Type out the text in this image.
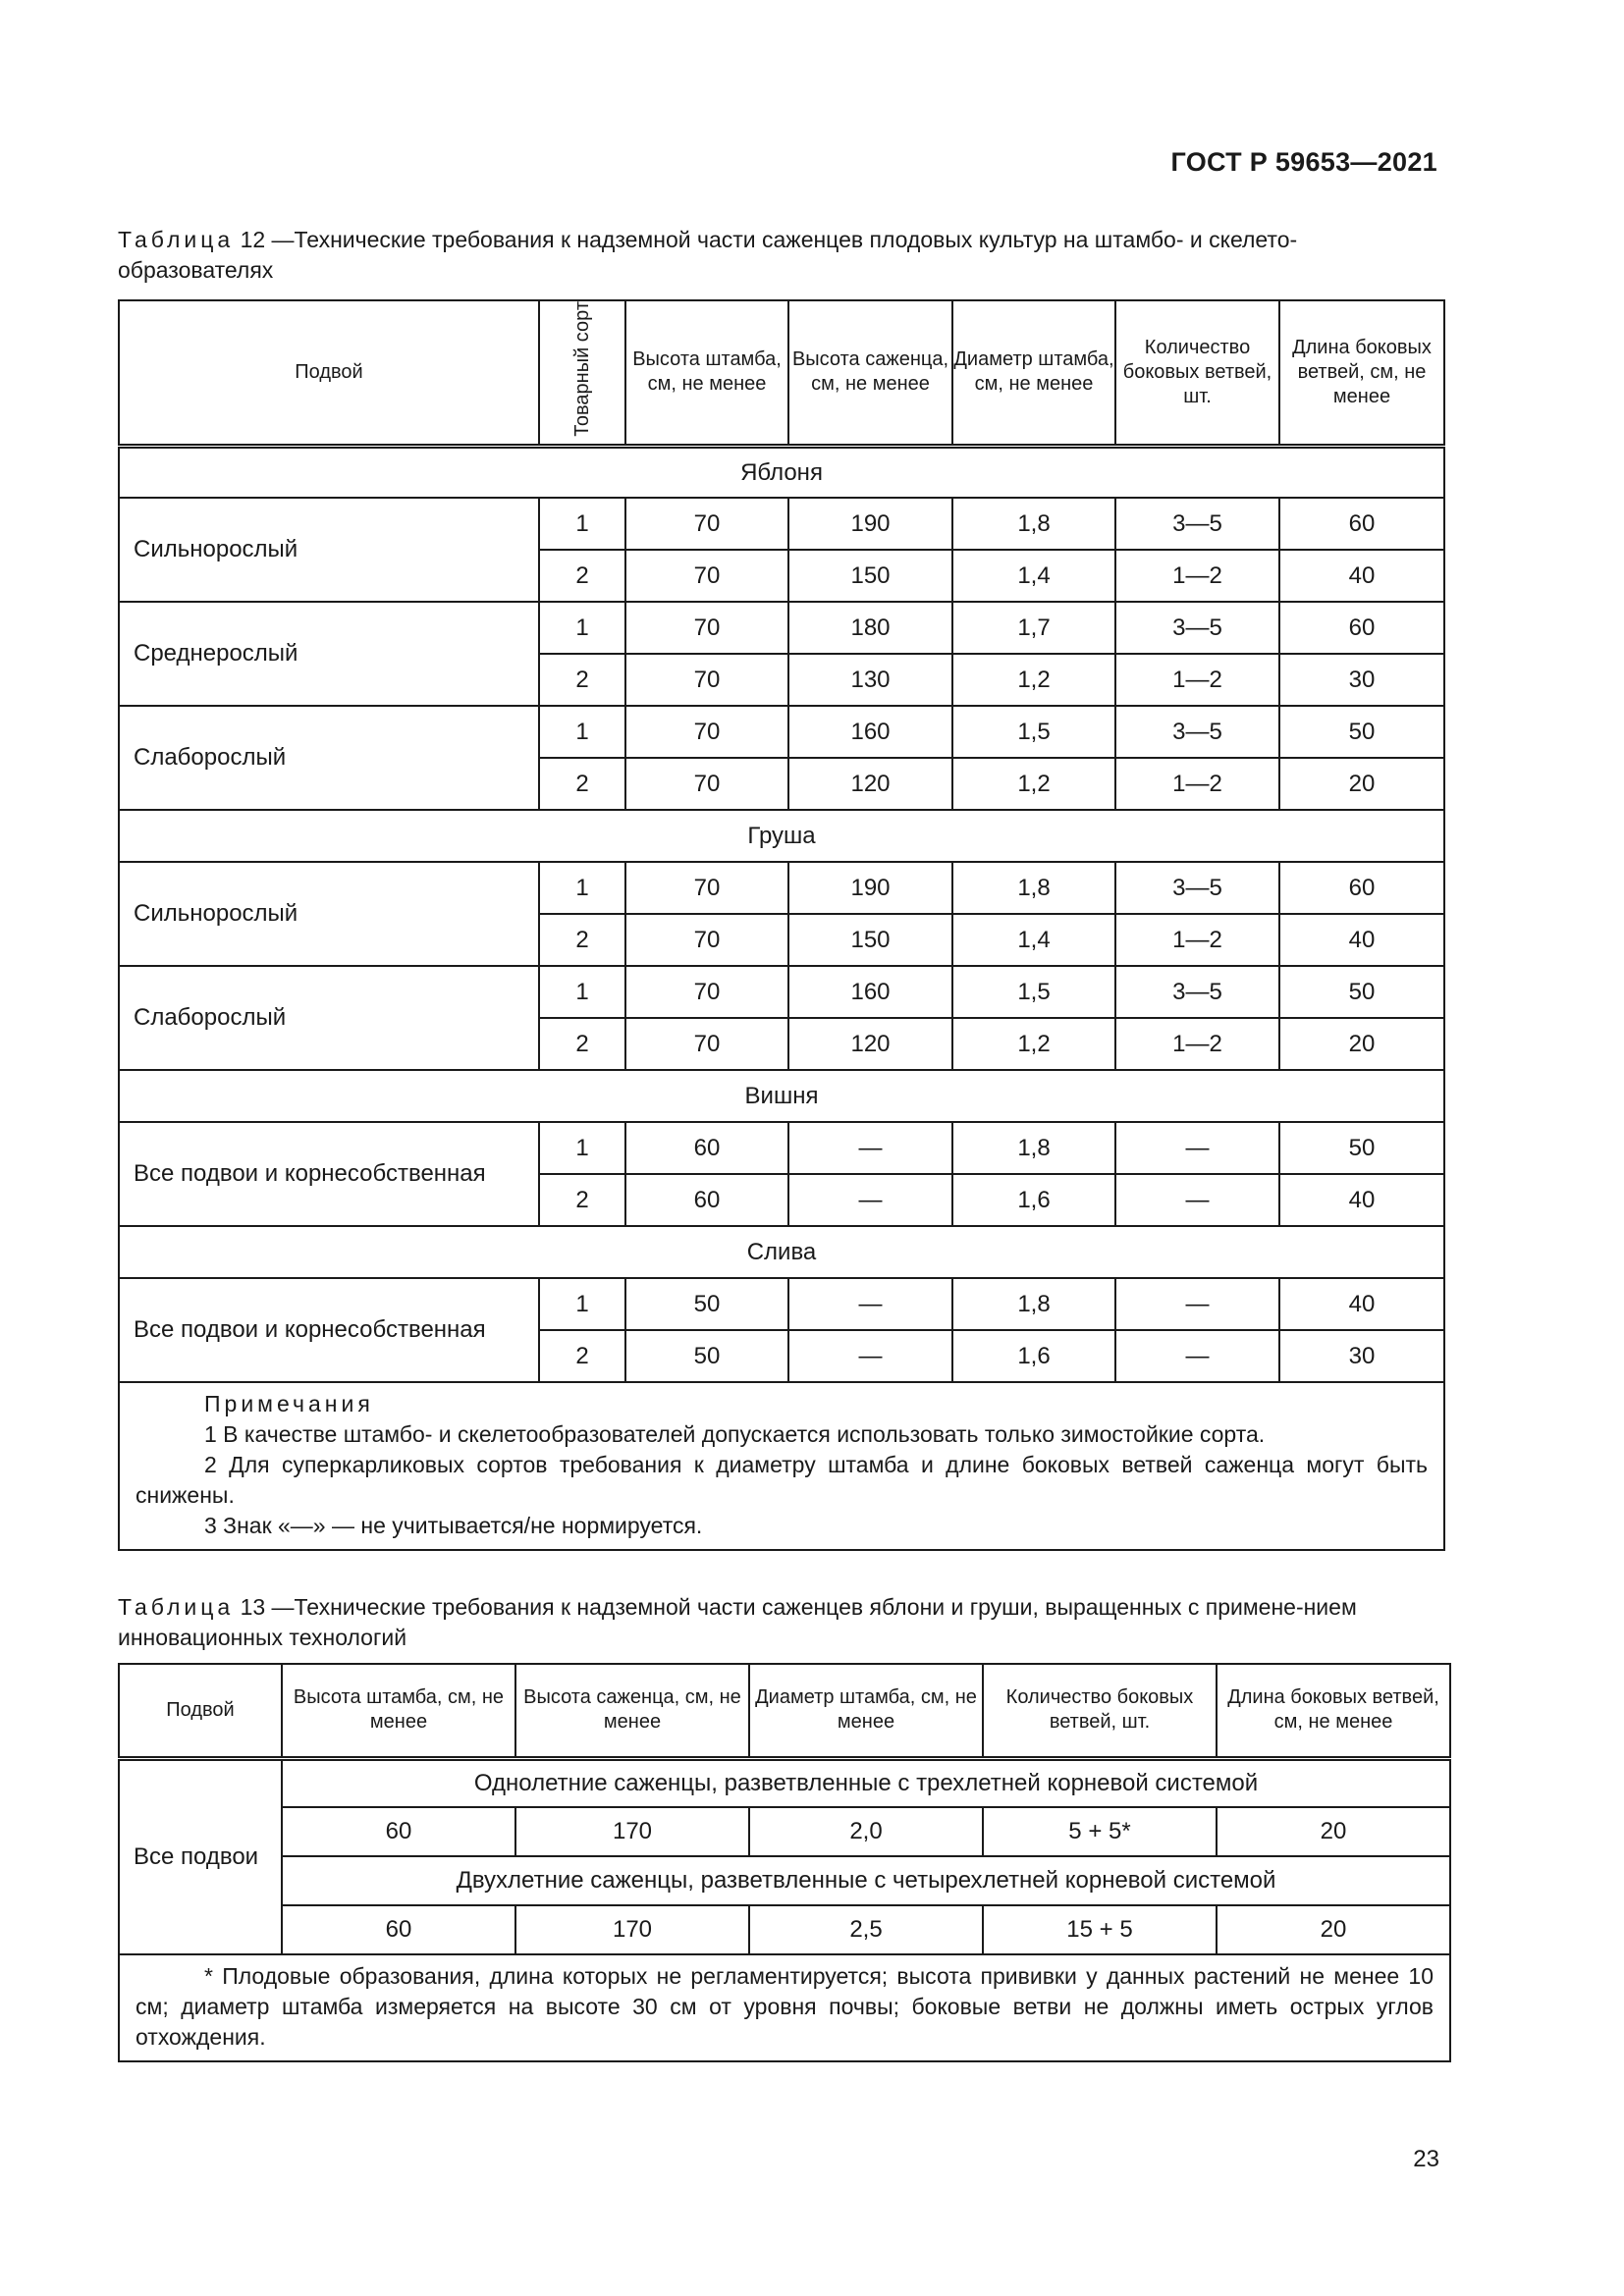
ГОСТ Р 59653—2021
Таблица 12 —Технические требования к надземной части саженцев плодовых культур на штамбо- и скелето-образователях
Подвой	Товарный сорт	Высота штамба, см, не менее	Высота саженца, см, не менее	Диаметр штамба, см, не менее	Количество боковых ветвей, шт.	Длина боковых ветвей, см, не менее
Яблоня						
Сильнорослый	1	70	190	1,8	3—5	60
	2	70	150	1,4	1—2	40
Среднерослый	1	70	180	1,7	3—5	60
	2	70	130	1,2	1—2	30
Слаборослый	1	70	160	1,5	3—5	50
	2	70	120	1,2	1—2	20
Груша						
Сильнорослый	1	70	190	1,8	3—5	60
	2	70	150	1,4	1—2	40
Слаборослый	1	70	160	1,5	3—5	50
	2	70	120	1,2	1—2	20
Вишня						
Все подвои и корнесобственная	1	60	—	1,8	—	50
	2	60	—	1,6	—	40
Слива						
Все подвои и корнесобственная	1	50	—	1,8	—	40
	2	50	—	1,6	—	30

Примечания
1 В качестве штамбо- и скелетообразователей допускается использовать только зимостойкие сорта.
2 Для суперкарликовых сортов требования к диаметру штамба и длине боковых ветвей саженца могут быть снижены.
3 Знак «—» — не учитывается/не нормируется.						
Таблица 13 —Технические требования к надземной части саженцев яблони и груши, выращенных с примене-нием инновационных технологий
Подвой	Высота штамба, см, не менее	Высота саженца, см, не менее	Диаметр штамба, см, не менее	Количество боковых ветвей, шт.	Длина боковых ветвей, см, не менее
Все подвои	Однолетние саженцы, разветвленные с трехлетней корневой системой				
	60	170	2,0	5 + 5*	20
	Двухлетние саженцы, разветвленные с четырехлетней корневой системой				
	60	170	2,5	15 + 5	20

* Плодовые образования, длина которых не регламентируется; высота прививки у данных растений не менее 10 см; диаметр штамба измеряется на высоте 30 см от уровня почвы; боковые ветви не должны иметь острых углов отхождения.					
23
